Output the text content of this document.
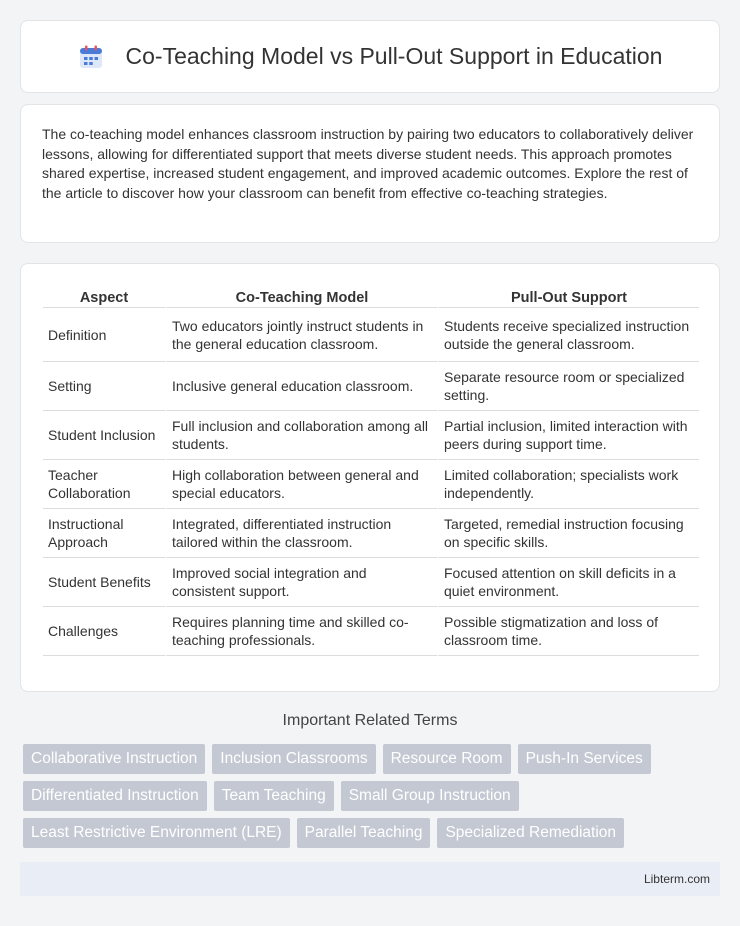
Co-Teaching Model vs Pull-Out Support in Education

The co-teaching model enhances classroom instruction by pairing two educators to collaboratively deliver lessons, allowing for differentiated support that meets diverse student needs. This approach promotes shared expertise, increased student engagement, and improved academic outcomes. Explore the rest of the article to discover how your classroom can benefit from effective co-teaching strategies.

Aspect	Co-Teaching Model	Pull-Out Support
Definition	Two educators jointly instruct students in the general education classroom.	Students receive specialized instruction outside the general classroom.
Setting	Inclusive general education classroom.	Separate resource room or specialized setting.
Student Inclusion	Full inclusion and collaboration among all students.	Partial inclusion, limited interaction with peers during support time.
Teacher Collaboration	High collaboration between general and special educators.	Limited collaboration; specialists work independently.
Instructional Approach	Integrated, differentiated instruction tailored within the classroom.	Targeted, remedial instruction focusing on specific skills.
Student Benefits	Improved social integration and consistent support.	Focused attention on skill deficits in a quiet environment.
Challenges	Requires planning time and skilled co-teaching professionals.	Possible stigmatization and loss of classroom time.
Important Related Terms
Collaborative Instruction	Inclusion Classrooms	Resource Room	Push-In Services
Differentiated Instruction	Team Teaching	Small Group Instruction
Least Restrictive Environment (LRE)	Parallel Teaching	Specialized Remediation
Libterm.com
